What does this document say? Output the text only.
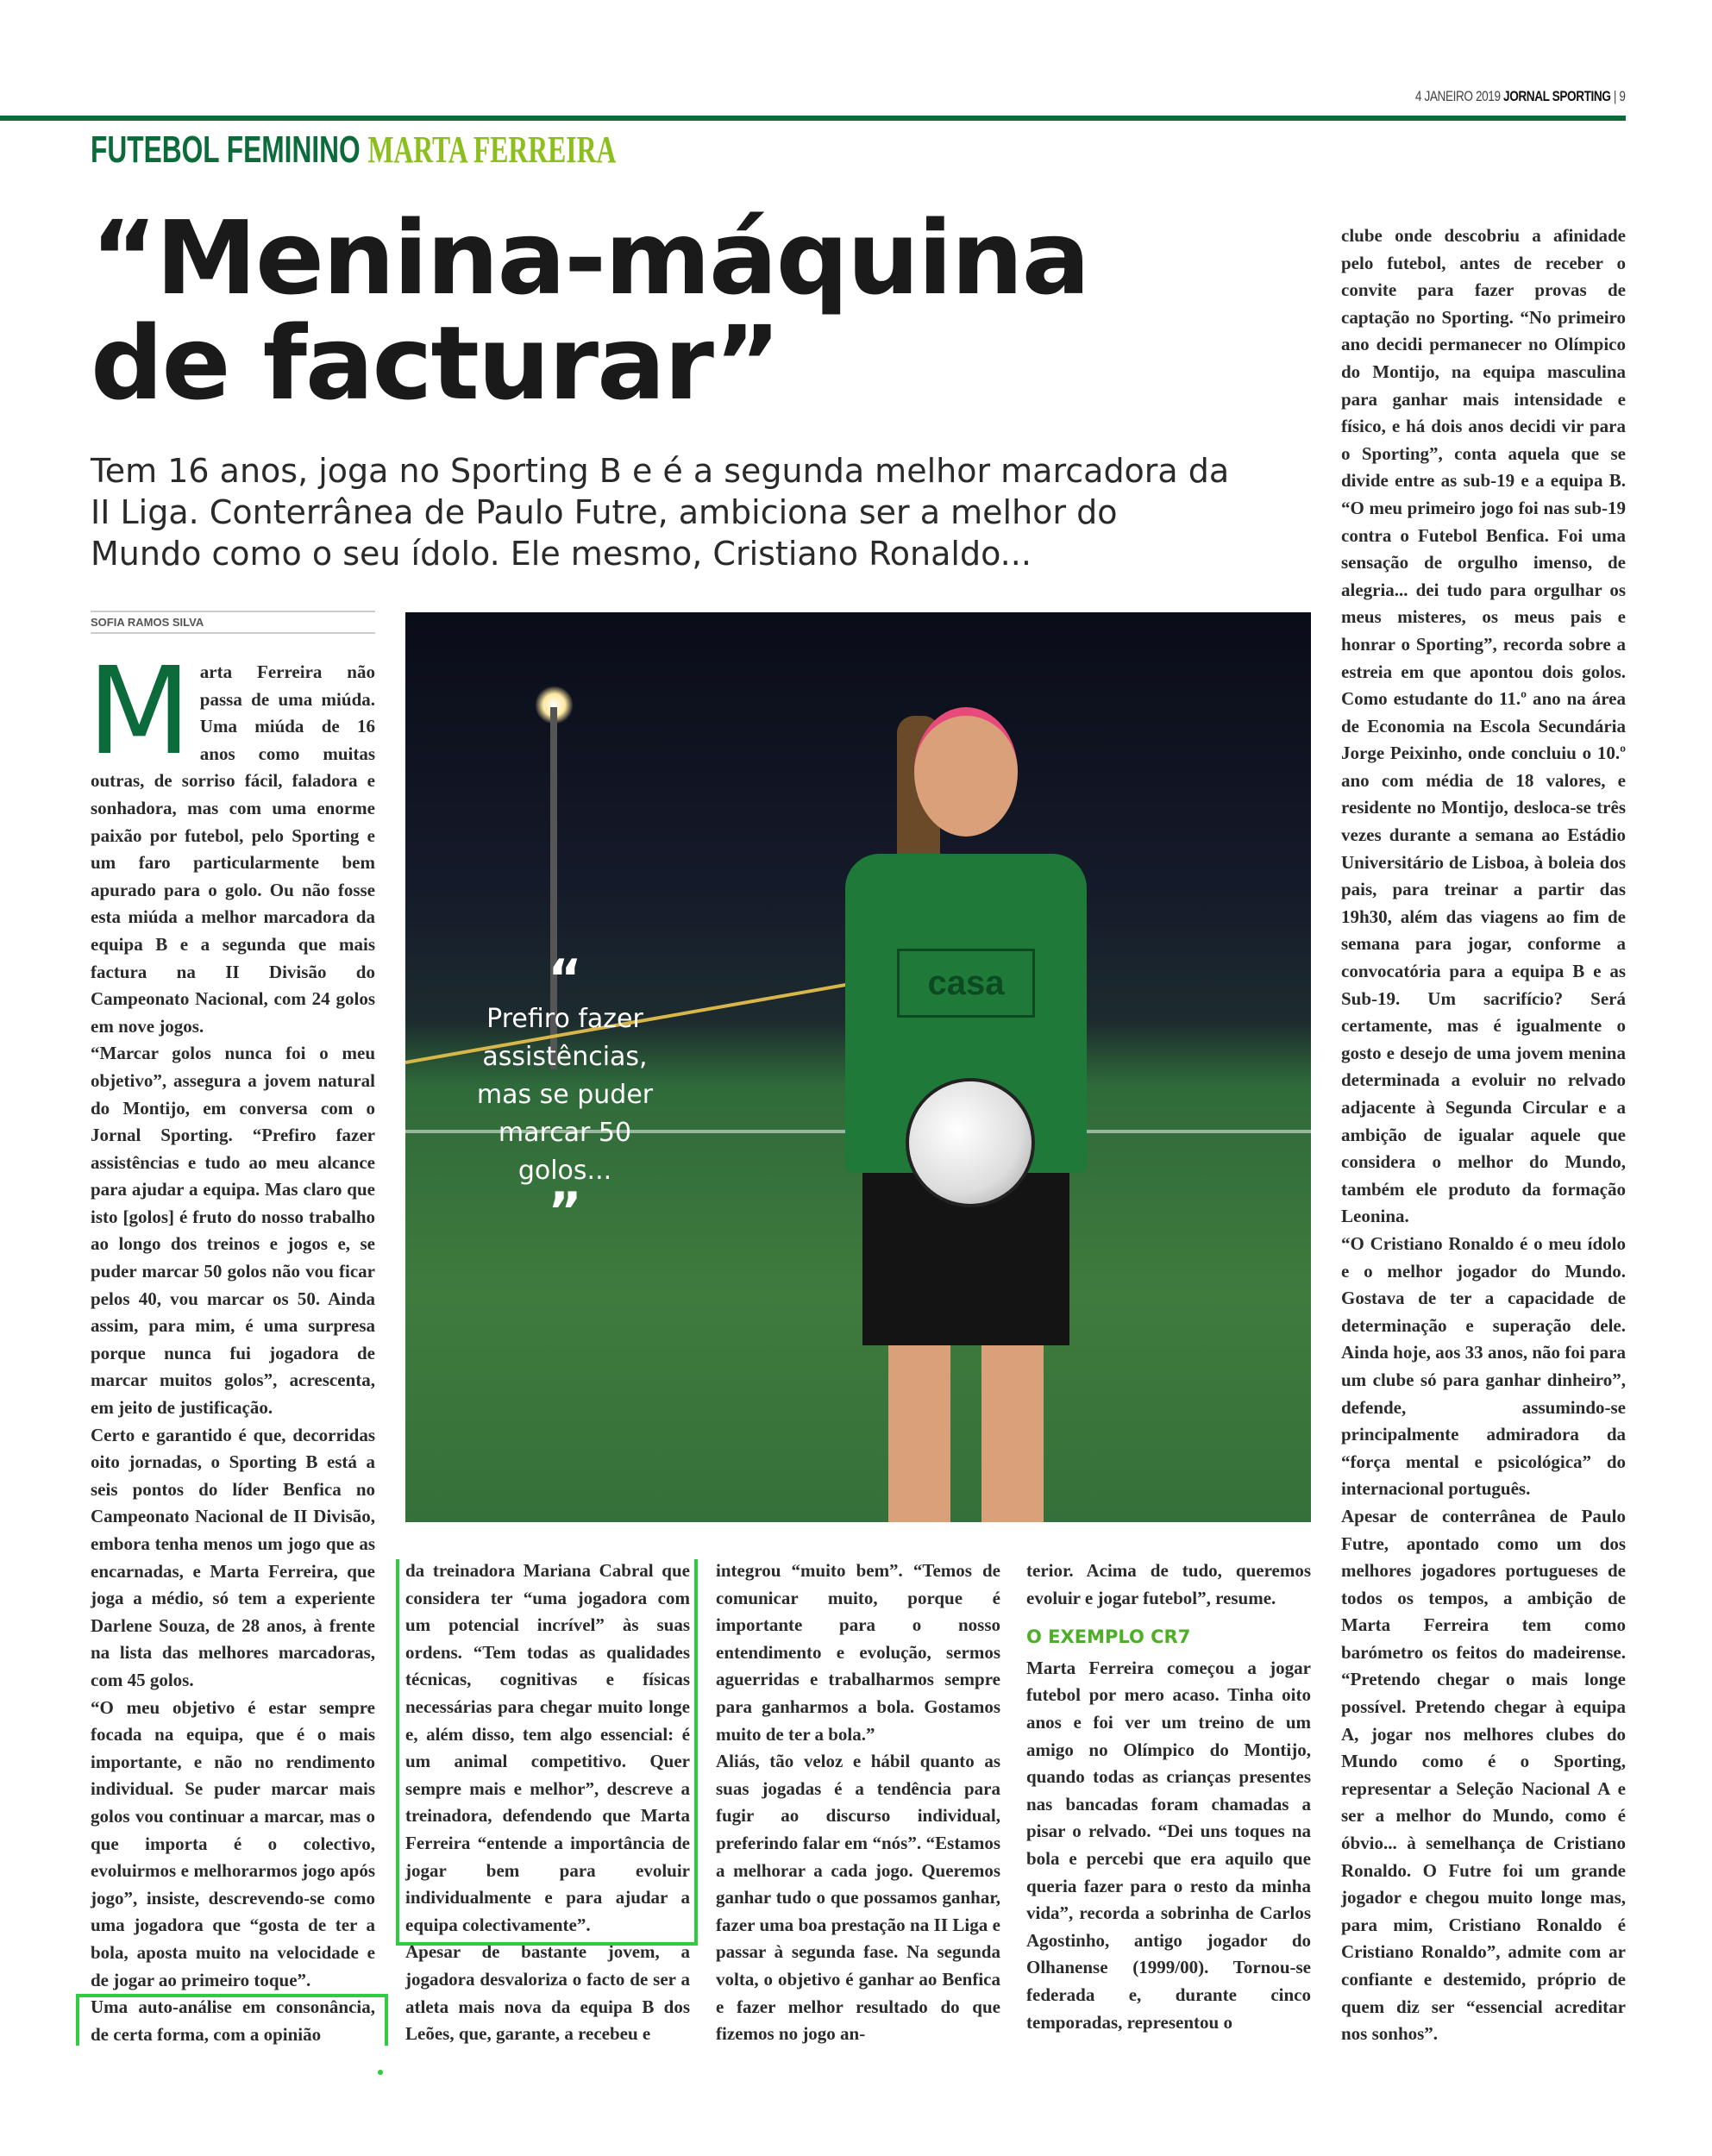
4 JANEIRO 2019 JORNAL SPORTING | 9
FUTEBOL FEMININO MARTA FERREIRA
“Menina-máquina
de facturar”

Tem 16 anos, joga no Sporting B e é a segunda melhor marcadora da II Liga. Conterrânea de Paulo Futre, ambiciona ser a melhor do Mundo como o seu ídolo. Ele mesmo, Cristiano Ronaldo...

SOFIA RAMOS SILVA
M arta Ferreira não passa de uma miúda. Uma miúda de 16 anos como muitas outras, de sorriso fácil, faladora e sonhadora, mas com uma enorme paixão por futebol, pelo Sporting e um faro particularmente bem apurado para o golo. Ou não fosse esta miúda a melhor marcadora da equipa B e a segunda que mais factura na II Divisão do Campeonato Nacional, com 24 golos em nove jogos.

“Marcar golos nunca foi o meu objetivo”, assegura a jovem natural do Montijo, em conversa com o Jornal Sporting. “Prefiro fazer assistências e tudo ao meu alcance para ajudar a equipa. Mas claro que isto [golos] é fruto do nosso trabalho ao longo dos treinos e jogos e, se puder marcar 50 golos não vou ficar pelos 40, vou marcar os 50. Ainda assim, para mim, é uma surpresa porque nunca fui jogadora de marcar muitos golos”, acrescenta, em jeito de justificação.

Certo e garantido é que, decorridas oito jornadas, o Sporting B está a seis pontos do líder Benfica no Campeonato Nacional de II Divisão, embora tenha menos um jogo que as encarnadas, e Marta Ferreira, que joga a médio, só tem a experiente Darlene Souza, de 28 anos, à frente na lista das melhores marcadoras, com 45 golos.

“O meu objetivo é estar sempre focada na equipa, que é o mais importante, e não no rendimento individual. Se puder marcar mais golos vou continuar a marcar, mas o que importa é o colectivo, evoluirmos e melhorarmos jogo após jogo”, insiste, descrevendo-se como uma jogadora que “gosta de ter a bola, aposta muito na velocidade e de jogar ao primeiro toque”.

Uma auto-análise em consonância, de certa forma, com a opinião

casa
“
Prefiro fazer assistências, mas se puder marcar 50 golos...
”

da treinadora Mariana Cabral que considera ter “uma jogadora com um potencial incrível” às suas ordens. “Tem todas as qualidades técnicas, cognitivas e físicas necessárias para chegar muito longe e, além disso, tem algo essencial: é um animal competitivo. Quer sempre mais e melhor”, descreve a treinadora, defendendo que Marta Ferreira “entende a importância de jogar bem para evoluir individualmente e para ajudar a equipa colectivamente”.

Apesar de bastante jovem, a jogadora desvaloriza o facto de ser a atleta mais nova da equipa B dos Leões, que, garante, a recebeu e

integrou “muito bem”. “Temos de comunicar muito, porque é importante para o nosso entendimento e evolução, sermos aguerridas e trabalharmos sempre para ganharmos a bola. Gostamos muito de ter a bola.”

Aliás, tão veloz e hábil quanto as suas jogadas é a tendência para fugir ao discurso individual, preferindo falar em “nós”. “Estamos a melhorar a cada jogo. Queremos ganhar tudo o que possamos ganhar, fazer uma boa prestação na II Liga e passar à segunda fase. Na segunda volta, o objetivo é ganhar ao Benfica e fazer melhor resultado do que fizemos no jogo an-

terior. Acima de tudo, queremos evoluir e jogar futebol”, resume.

O EXEMPLO CR7

Marta Ferreira começou a jogar futebol por mero acaso. Tinha oito anos e foi ver um treino de um amigo no Olímpico do Montijo, quando todas as crianças presentes nas bancadas foram chamadas a pisar o relvado. “Dei uns toques na bola e percebi que era aquilo que queria fazer para o resto da minha vida”, recorda a sobrinha de Carlos Agostinho, antigo jogador do Olhanense (1999/00). Tornou-se federada e, durante cinco temporadas, representou o

clube onde descobriu a afinidade pelo futebol, antes de receber o convite para fazer provas de captação no Sporting. “No primeiro ano decidi permanecer no Olímpico do Montijo, na equipa masculina para ganhar mais intensidade e físico, e há dois anos decidi vir para o Sporting”, conta aquela que se divide entre as sub-19 e a equipa B. “O meu primeiro jogo foi nas sub-19 contra o Futebol Benfica. Foi uma sensação de orgulho imenso, de alegria... dei tudo para orgulhar os meus misteres, os meus pais e honrar o Sporting”, recorda sobre a estreia em que apontou dois golos. Como estudante do 11.º ano na área de Economia na Escola Secundária Jorge Peixinho, onde concluiu o 10.º ano com média de 18 valores, e residente no Montijo, desloca-se três vezes durante a semana ao Estádio Universitário de Lisboa, à boleia dos pais, para treinar a partir das 19h30, além das viagens ao fim de semana para jogar, conforme a convocatória para a equipa B e as Sub-19. Um sacrifício? Será certamente, mas é igualmente o gosto e desejo de uma jovem menina determinada a evoluir no relvado adjacente à Segunda Circular e a ambição de igualar aquele que considera o melhor do Mundo, também ele produto da formação Leonina.

“O Cristiano Ronaldo é o meu ídolo e o melhor jogador do Mundo. Gostava de ter a capacidade de determinação e superação dele. Ainda hoje, aos 33 anos, não foi para um clube só para ganhar dinheiro”, defende, assumindo-se principalmente admiradora da “força mental e psicológica” do internacional português.

Apesar de conterrânea de Paulo Futre, apontado como um dos melhores jogadores portugueses de todos os tempos, a ambição de Marta Ferreira tem como barómetro os feitos do madeirense. “Pretendo chegar o mais longe possível. Pretendo chegar à equipa A, jogar nos melhores clubes do Mundo como é o Sporting, representar a Seleção Nacional A e ser a melhor do Mundo, como é óbvio... à semelhança de Cristiano Ronaldo. O Futre foi um grande jogador e chegou muito longe mas, para mim, Cristiano Ronaldo é Cristiano Ronaldo”, admite com ar confiante e destemido, próprio de quem diz ser “essencial acreditar nos sonhos”.
